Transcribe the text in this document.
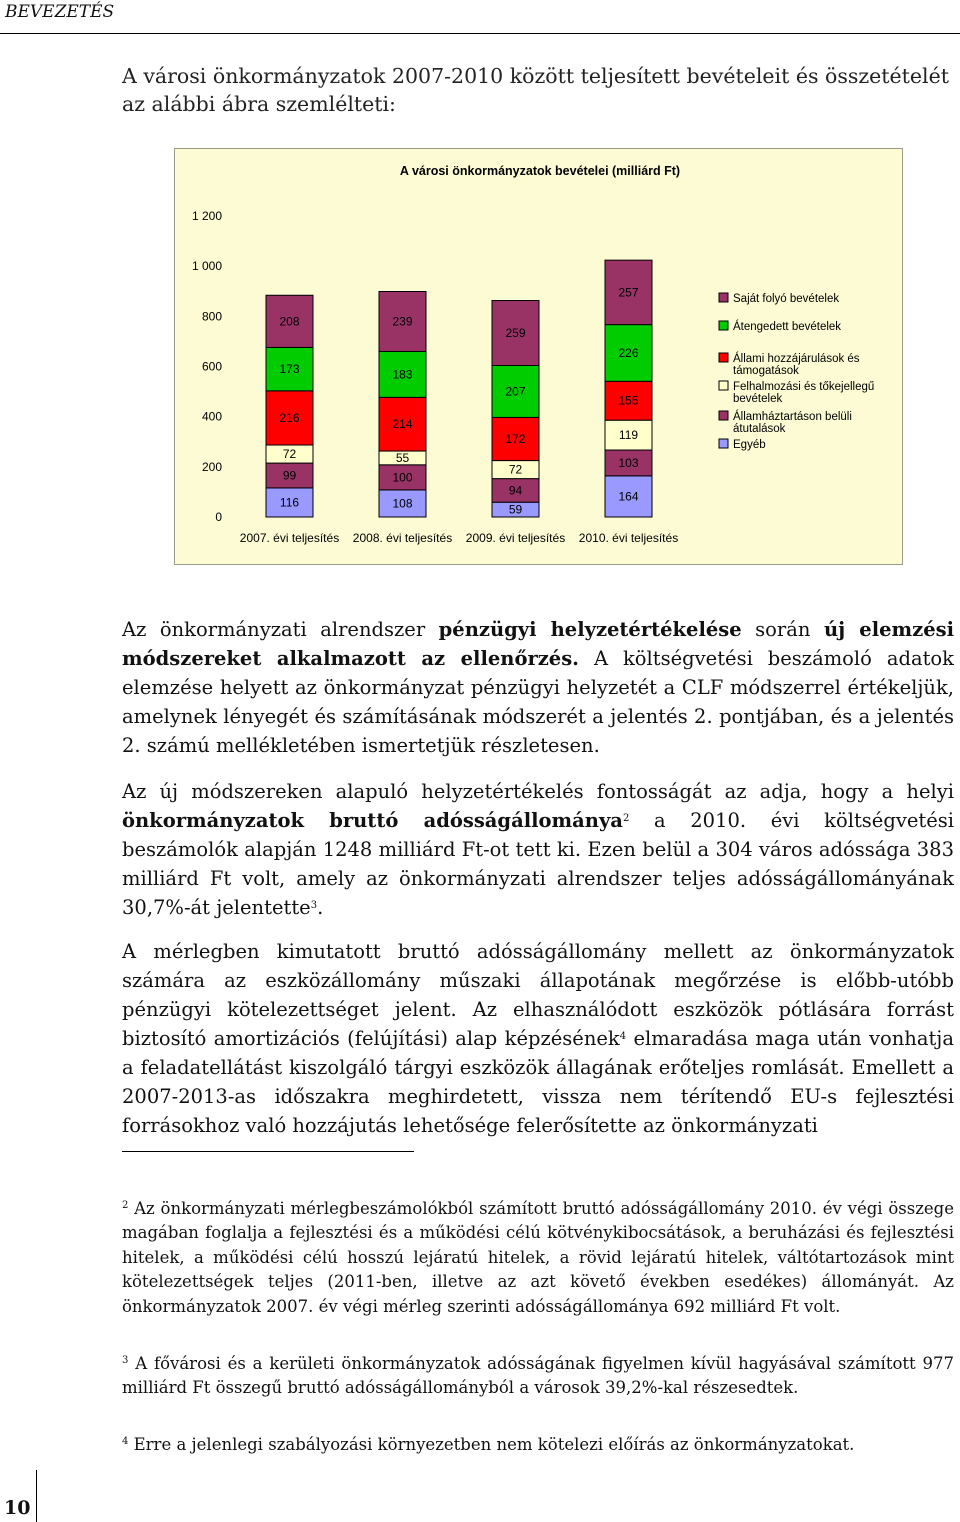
BEVEZETÉS
A városi önkormányzatok 2007-2010 között teljesített bevételeit és összetételét az alábbi ábra szemlélteti:
A városi önkormányzatok bevételei (milliárd Ft)
0
200
400
600
800
1 000
1 200
116
99
72
216
173
208
2007. évi teljesítés
108
100
55
214
183
239
2008. évi teljesítés
59
94
72
172
207
259
2009. évi teljesítés
164
103
119
155
226
257
2010. évi teljesítés
Saját folyó bevételek
Átengedett bevételek
Állami hozzájárulások és
támogatások
Felhalmozási és tőkejellegű
bevételek
Államháztartáson belüli
átutalások
Egyéb

Az önkormányzati alrendszer pénzügyi helyzetértékelése során új elemzési módszereket alkalmazott az ellenőrzés. A költségvetési beszámoló adatok elemzése helyett az önkormányzat pénzügyi helyzetét a CLF módszerrel értékeljük, amelynek lényegét és számításának módszerét a jelentés 2. pontjában, és a jelentés 2. számú mellékletében ismertetjük részletesen.

Az új módszereken alapuló helyzetértékelés fontosságát az adja, hogy a helyi önkormányzatok bruttó adósságállománya$^2$ a 2010. évi költségvetési beszámolók alapján 1248 milliárd Ft-ot tett ki. Ezen belül a 304 város adóssága 383 milliárd Ft volt, amely az önkormányzati alrendszer teljes adósságállományának 30,7%-át jelentette$^3$.

A mérlegben kimutatott bruttó adósságállomány mellett az önkormányzatok számára az eszközállomány műszaki állapotának megőrzése is előbb-utóbb pénzügyi kötelezettséget jelent. Az elhasználódott eszközök pótlására forrást biztosító amortizációs (felújítási) alap képzésének$^4$ elmaradása maga után vonhatja a feladatellátást kiszolgáló tárgyi eszközök állagának erőteljes romlását. Emellett a 2007-2013-as időszakra meghirdetett, vissza nem térítendő EU-s fejlesztési forrásokhoz való hozzájutás lehetősége felerősítette az önkormányzati

$^2$ Az önkormányzati mérlegbeszámolókból számított bruttó adósságállomány 2010. év végi összege magában foglalja a fejlesztési és a működési célú kötvénykibocsátások, a beruházási és fejlesztési hitelek, a működési célú hosszú lejáratú hitelek, a rövid lejáratú hitelek, váltótartozások mint kötelezettségek teljes (2011-ben, illetve az azt követő években esedékes) állományát. Az önkormányzatok 2007. év végi mérleg szerinti adósságállománya 692 milliárd Ft volt.

$^3$ A fővárosi és a kerületi önkormányzatok adósságának figyelmen kívül hagyásával számított 977 milliárd Ft összegű bruttó adósságállományból a városok 39,2%-kal részesedtek.

$^4$ Erre a jelenlegi szabályozási környezetben nem kötelezi előírás az önkormányzatokat.

10
